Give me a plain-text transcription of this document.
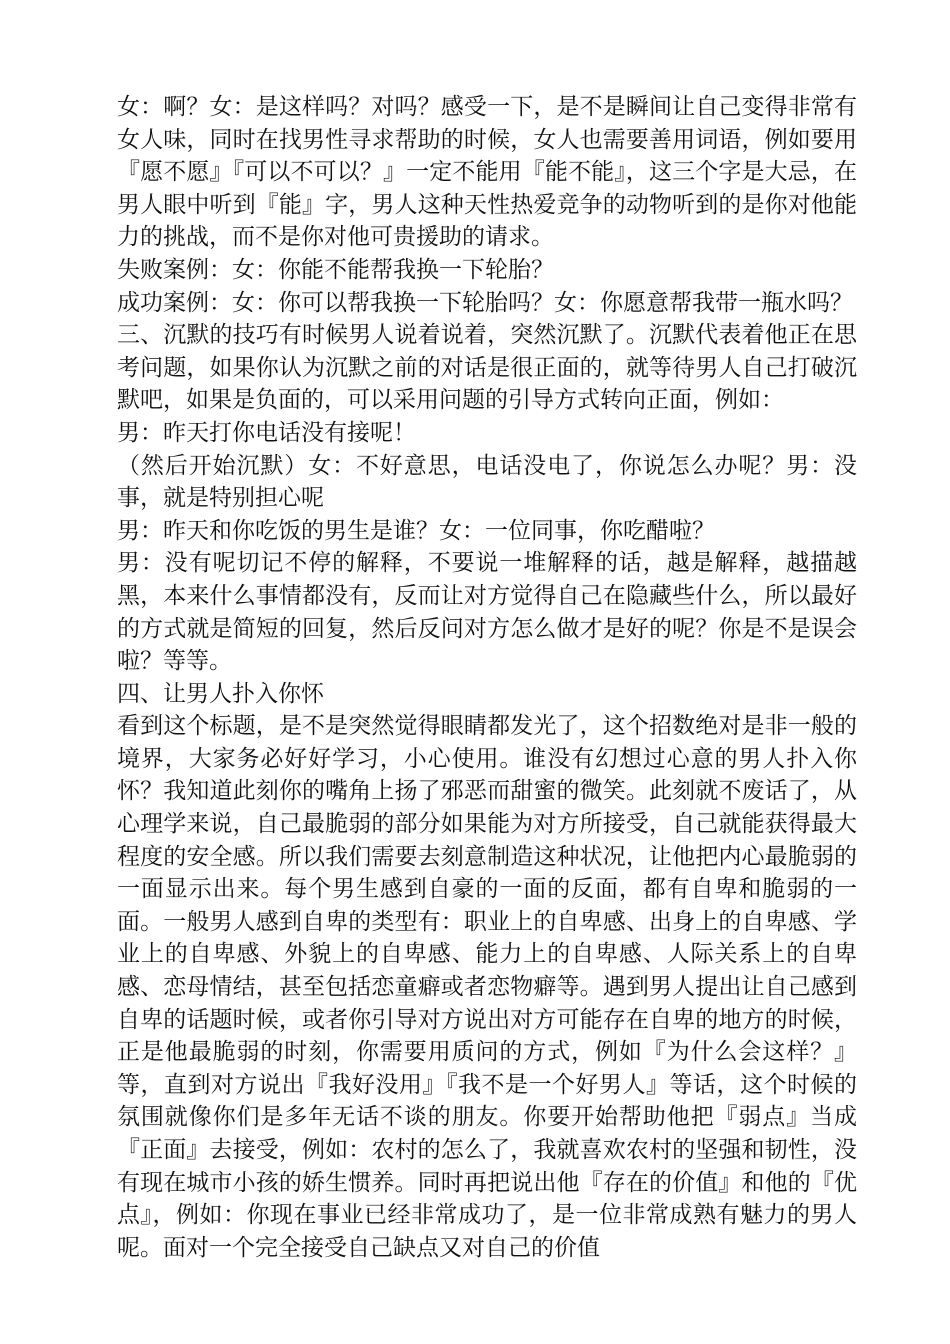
女：啊？女：是这样吗？对吗？感受一下，是不是瞬间让自己变得非常有女人味，同时在找男性寻求帮助的时候，女人也需要善用词语，例如要用『愿不愿』『可以不可以？』一定不能用『能不能』，这三个字是大忌，在男人眼中听到『能』字，男人这种天性热爱竞争的动物听到的是你对他能力的挑战，而不是你对他可贵援助的请求。

失败案例：女：你能不能帮我换一下轮胎？

成功案例：女：你可以帮我换一下轮胎吗？女：你愿意帮我带一瓶水吗？

三、沉默的技巧有时候男人说着说着，突然沉默了。沉默代表着他正在思考问题，如果你认为沉默之前的对话是很正面的，就等待男人自己打破沉默吧，如果是负面的，可以采用问题的引导方式转向正面，例如：

男：昨天打你电话没有接呢！

（然后开始沉默）女：不好意思，电话没电了，你说怎么办呢？男：没事，就是特别担心呢

男：昨天和你吃饭的男生是谁？女：一位同事，你吃醋啦？

男：没有呢切记不停的解释，不要说一堆解释的话，越是解释，越描越黑，本来什么事情都没有，反而让对方觉得自己在隐藏些什么，所以最好的方式就是简短的回复，然后反问对方怎么做才是好的呢？你是不是误会啦？等等。

四、让男人扑入你怀

看到这个标题，是不是突然觉得眼睛都发光了，这个招数绝对是非一般的境界，大家务必好好学习，小心使用。谁没有幻想过心意的男人扑入你怀？我知道此刻你的嘴角上扬了邪恶而甜蜜的微笑。此刻就不废话了，从心理学来说，自己最脆弱的部分如果能为对方所接受，自己就能获得最大程度的安全感。所以我们需要去刻意制造这种状况，让他把内心最脆弱的一面显示出来。每个男生感到自豪的一面的反面，都有自卑和脆弱的一面。一般男人感到自卑的类型有：职业上的自卑感、出身上的自卑感、学业上的自卑感、外貌上的自卑感、能力上的自卑感、人际关系上的自卑感、恋母情结，甚至包括恋童癖或者恋物癖等。遇到男人提出让自己感到自卑的话题时候，或者你引导对方说出对方可能存在自卑的地方的时候，正是他最脆弱的时刻，你需要用质问的方式，例如『为什么会这样？』等，直到对方说出『我好没用』『我不是一个好男人』等话，这个时候的氛围就像你们是多年无话不谈的朋友。你要开始帮助他把『弱点』当成『正面』去接受，例如：农村的怎么了，我就喜欢农村的坚强和韧性，没有现在城市小孩的娇生惯养。同时再把说出他『存在的价值』和他的『优点』，例如：你现在事业已经非常成功了，是一位非常成熟有魅力的男人呢。面对一个完全接受自己缺点又对自己的价值
